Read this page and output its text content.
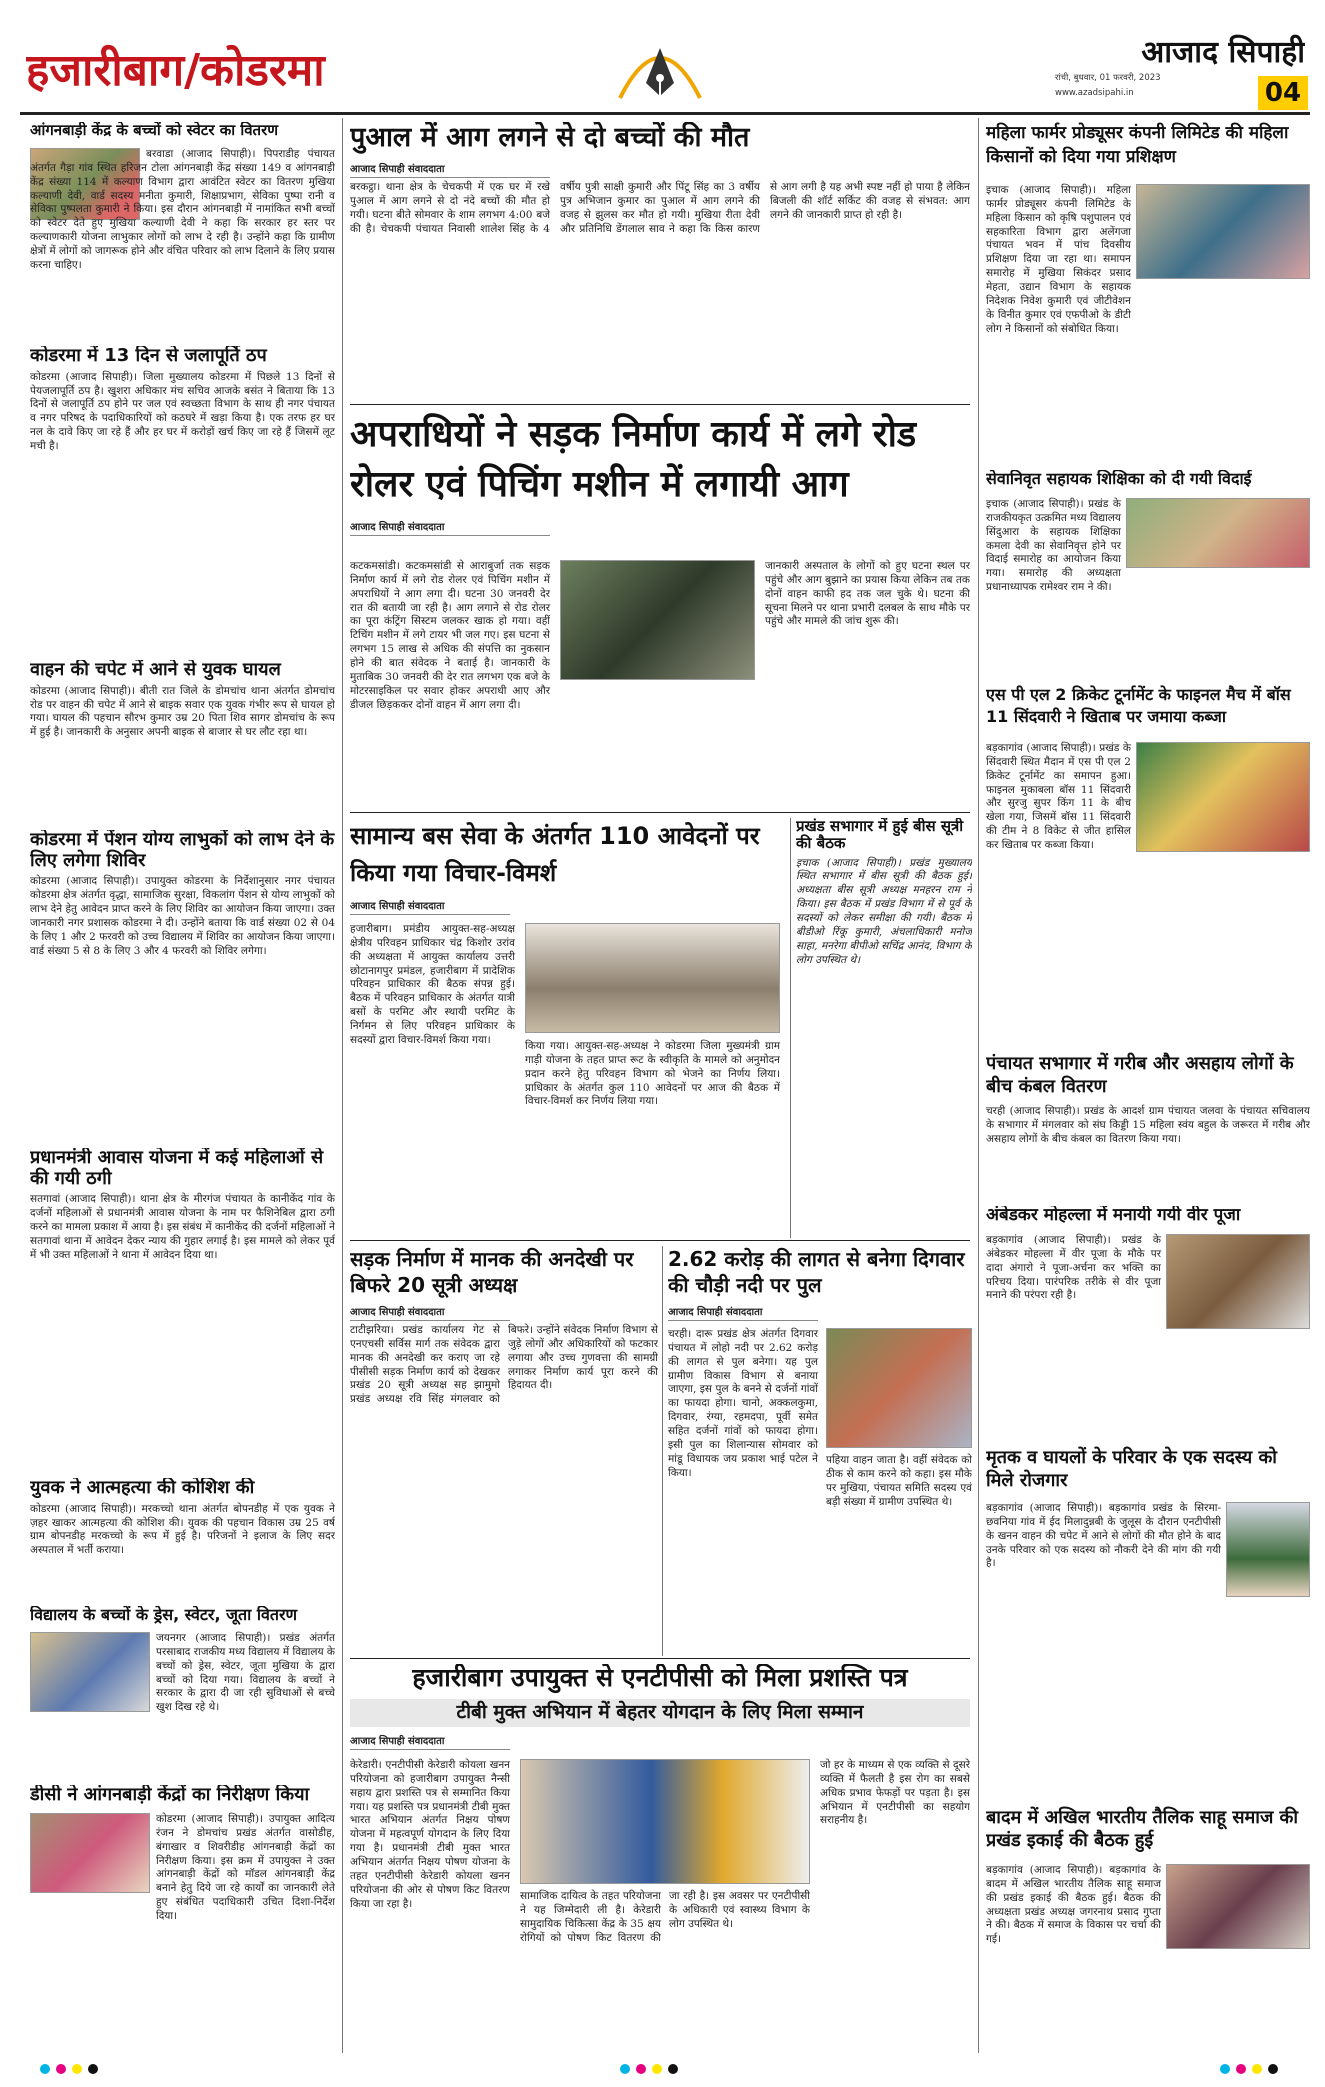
हजारीबाग/कोडरमा	आजाद सिपाही
रांची, बुधवार, 01 फरवरी, 2023
www.azadsipahi.in	04
आंगनबाड़ी केंद्र के बच्चों को स्वेटर का वितरण
बरवाडा (आजाद सिपाही)। पिपराडीह पंचायत अंतर्गत गैड़ा गांव स्थित हरिजन टोला आंगनबाड़ी केंद्र संख्या 149 व आंगनबाड़ी केंद्र संख्या 114 में कल्याण विभाग द्वारा आवंटित स्वेटर का वितरण मुखिया कल्याणी देवी, वार्ड सदस्य मनीता कुमारी, शिक्षाप्रभाग, सेविका पुष्पा रानी व सेविका पुष्पलता कुमारी ने किया। इस दौरान आंगनबाड़ी में नामांकित सभी बच्चों को स्वेटर देते हुए मुखिया कल्याणी देवी ने कहा कि सरकार हर स्तर पर कल्याणकारी योजना लाभुकार लोगों को लाभ दे रही है। उन्होंने कहा कि ग्रामीण क्षेत्रों में लोगों को जागरूक होने और वंचित परिवार को लाभ दिलाने के लिए प्रयास करना चाहिए।
कोडरमा में 13 दिन से जलापूर्ति ठप
कोडरमा (आजाद सिपाही)। जिला मुख्यालय कोडरमा में पिछले 13 दिनों से पेयजलापूर्ति ठप है। खुशरा अधिकार मंच सचिव आजके बसंत ने बिताया कि 13 दिनों से जलापूर्ति ठप होने पर जल एवं स्वच्छता विभाग के साथ ही नगर पंचायत व नगर परिषद के पदाधिकारियों को कठघरे में खड़ा किया है। एक तरफ हर घर नल के दावे किए जा रहे हैं और हर घर में करोड़ों खर्च किए जा रहे हैं जिसमें लूट मची है।
वाहन की चपेट में आने से युवक घायल
कोडरमा (आजाद सिपाही)। बीती रात जिले के डोमचांच थाना अंतर्गत डोमचांच रोड पर वाहन की चपेट में आने से बाइक सवार एक युवक गंभीर रूप से घायल हो गया। घायल की पहचान सौरभ कुमार उम्र 20 पिता शिव सागर डोमचांच के रूप में हुई है। जानकारी के अनुसार अपनी बाइक से बाजार से घर लौट रहा था।
कोडरमा में पेंशन योग्य लाभुकों को लाभ देने के लिए लगेगा शिविर
कोडरमा (आजाद सिपाही)। उपायुक्त कोडरमा के निर्देशानुसार नगर पंचायत कोडरमा क्षेत्र अंतर्गत वृद्धा, सामाजिक सुरक्षा, विकलांग पेंशन से योग्य लाभुकों को लाभ देने हेतु आवेदन प्राप्त करने के लिए शिविर का आयोजन किया जाएगा। उक्त जानकारी नगर प्रशासक कोडरमा ने दी। उन्होंने बताया कि वार्ड संख्या 02 से 04 के लिए 1 और 2 फरवरी को उच्च विद्यालय में शिविर का आयोजन किया जाएगा। वार्ड संख्या 5 से 8 के लिए 3 और 4 फरवरी को शिविर लगेगा।
प्रधानमंत्री आवास योजना में कई महिलाओं से की गयी ठगी
सतगावां (आजाद सिपाही)। थाना क्षेत्र के मीरगंज पंचायत के कानीकेंद गांव के दर्जनों महिलाओं से प्रधानमंत्री आवास योजना के नाम पर फैशिनेबिल द्वारा ठगी करने का मामला प्रकाश में आया है। इस संबंध में कानीकेंद की दर्जनों महिलाओं ने सतगावां थाना में आवेदन देकर न्याय की गुहार लगाई है। इस मामले को लेकर पूर्व में भी उक्त महिलाओं ने थाना में आवेदन दिया था।
युवक ने आत्महत्या की कोशिश की
कोडरमा (आजाद सिपाही)। मरकच्चो थाना अंतर्गत बोपनडीह में एक युवक ने ज़हर खाकर आत्महत्या की कोशिश की। युवक की पहचान विकास उम्र 25 वर्ष ग्राम बोपनडीह मरकच्चो के रूप में हुई है। परिजनों ने इलाज के लिए सदर अस्पताल में भर्ती कराया।
विद्यालय के बच्चों के ड्रेस, स्वेटर, जूता वितरण
जयनगर (आजाद सिपाही)। प्रखंड अंतर्गत परसाबाद राजकीय मध्य विद्यालय में विद्यालय के बच्चों को ड्रेस, स्वेटर, जूता मुखिया के द्वारा बच्चों को दिया गया। विद्यालय के बच्चों ने सरकार के द्वारा दी जा रही सुविधाओं से बच्चे खुश दिख रहे थे।
डीसी ने आंगनबाड़ी केंद्रों का निरीक्षण किया
कोडरमा (आजाद सिपाही)। उपायुक्त आदित्य रंजन ने डोमचांच प्रखंड अंतर्गत वासोडीह, बंगाखार व शिवरीडीह आंगनबाड़ी केंद्रों का निरीक्षण किया। इस क्रम में उपायुक्त ने उक्त आंगनबाड़ी केंद्रों को मॉडल आंगनबाड़ी केंद्र बनाने हेतु दिये जा रहे कार्यों का जानकारी लेते हुए संबंधित पदाधिकारी उचित दिशा-निर्देश दिया।
पुआल में आग लगने से दो बच्चों की मौत
आजाद सिपाही संवाददाता
बरकट्ठा। थाना क्षेत्र के चेचकपी में एक घर में रखे पुआल में आग लगने से दो नंदे बच्चों की मौत हो गयी। घटना बीते सोमवार के शाम लगभग 4:00 बजे की है। चेचकपी पंचायत निवासी शालेश सिंह के 4 वर्षीय पुत्री साक्षी कुमारी और पिंटू सिंह का 3 वर्षीय पुत्र अभिजान कुमार का पुआल में आग लगने की वजह से झुलस कर मौत हो गयी। मुखिया रीता देवी और प्रतिनिधि डेंगलाल साव ने कहा कि किस कारण से आग लगी है यह अभी स्पष्ट नहीं हो पाया है लेकिन बिजली की शॉर्ट सर्किट की वजह से संभवत: आग लगने की जानकारी प्राप्त हो रही है।
अपराधियों ने सड़क निर्माण कार्य में लगे रोड रोलर एवं पिचिंग मशीन में लगायी आग
आजाद सिपाही संवाददाता
कटकमसांडी। कटकमसांडी से आराबुर्जा तक सड़क निर्माण कार्य में लगे रोड रोलर एवं पिचिंग मशीन में अपराधियों ने आग लगा दी। घटना 30 जनवरी देर रात की बतायी जा रही है। आग लगाने से रोड रोलर का पूरा कंट्रिंग सिस्टम जलकर खाक हो गया। वहीं टिचिंग मशीन में लगे टायर भी जल गए। इस घटना से लगभग 15 लाख से अधिक की संपत्ति का नुकसान होने की बात संवेदक ने बताई है। जानकारी के मुताबिक 30 जनवरी की देर रात लगभग एक बजे के मोटरसाइकिल पर सवार होकर अपराधी आए और डीजल छिड़ककर दोनों वाहन में आग लगा दी।
जानकारी अस्पताल के लोगों को हुए घटना स्थल पर पहुंचे और आग बुझाने का प्रयास किया लेकिन तब तक दोनों वाहन काफी हद तक जल चुके थे। घटना की सूचना मिलने पर थाना प्रभारी दलबल के साथ मौके पर पहुंचे और मामले की जांच शुरू की।
सामान्य बस सेवा के अंतर्गत 110 आवेदनों पर किया गया विचार-विमर्श
आजाद सिपाही संवाददाता
हजारीबाग। प्रमंडीय आयुक्त-सह-अध्यक्ष क्षेत्रीय परिवहन प्राधिकार चंद्र किशोर उरांव की अध्यक्षता में आयुक्त कार्यालय उत्तरी छोटानागपुर प्रमंडल, हजारीबाग में प्रादेशिक परिवहन प्राधिकार की बैठक संपन्न हुई। बैठक में परिवहन प्राधिकार के अंतर्गत यात्री बसों के परमिट और स्थायी परमिट के निर्गमन से लिए परिवहन प्राधिकार के सदस्यों द्वारा विचार-विमर्श किया गया।
किया गया। आयुक्त-सह-अध्यक्ष ने कोडरमा जिला मुख्यमंत्री ग्राम गाड़ी योजना के तहत प्राप्त रूट के स्वीकृति के मामले को अनुमोदन प्रदान करने हेतु परिवहन विभाग को भेजने का निर्णय लिया। प्राधिकार के अंतर्गत कुल 110 आवेदनों पर आज की बैठक में विचार-विमर्श कर निर्णय लिया गया।
प्रखंड सभागार में हुई बीस सूत्री की बैठक
इचाक (आजाद सिपाही)। प्रखंड मुख्यालय स्थित सभागार में बीस सूत्री की बैठक हुई। अध्यक्षता बीस सूत्री अध्यक्ष मनहरन राम ने किया। इस बैठक में प्रखंड विभाग में से पूर्व के सदस्यों को लेकर समीक्षा की गयी। बैठक में बीडीओ रिंकू कुमारी, अंचलाधिकारी मनोज साहा, मनरेगा बीपीओ सचिंद्र आनंद, विभाग के लोग उपस्थित थे।
सड़क निर्माण में मानक की अनदेखी पर बिफरे 20 सूत्री अध्यक्ष
आजाद सिपाही संवाददाता
टाटीझरिया। प्रखंड कार्यालय गेट से एनएचसी सर्विस मार्ग तक संवेदक द्वारा मानक की अनदेखी कर कराए जा रहे पीसीसी सड़क निर्माण कार्य को देखकर प्रखंड 20 सूत्री अध्यक्ष सह झामुमो प्रखंड अध्यक्ष रवि सिंह मंगलवार को बिफरे। उन्होंने संवेदक निर्माण विभाग से जुड़े लोगों और अधिकारियों को फटकार लगाया और उच्च गुणवत्ता की सामग्री लगाकर निर्माण कार्य पूरा करने की हिदायत दी।
2.62 करोड़ की लागत से बनेगा दिगवार की चौड़ी नदी पर पुल
आजाद सिपाही संवाददाता
चरही। दारू प्रखंड क्षेत्र अंतर्गत दिगवार पंचायत में लोहो नदी पर 2.62 करोड़ की लागत से पुल बनेगा। यह पुल ग्रामीण विकास विभाग से बनाया जाएगा, इस पुल के बनने से दर्जनों गांवों का फायदा होगा। चानो, अक्कलकुमा, दिगवार, रंग्या, रहमदपा, पूर्वी समेत सहित दर्जनों गांवों को फायदा होगा। इसी पुल का शिलान्यास सोमवार को मांडू विधायक जय प्रकाश भाई पटेल ने किया।
पहिया वाहन जाता है। वहीं संवेदक को ठीक से काम करने को कहा। इस मौके पर मुखिया, पंचायत समिति सदस्य एवं बड़ी संख्या में ग्रामीण उपस्थित थे।
हजारीबाग उपायुक्त से एनटीपीसी को मिला प्रशस्ति पत्र
टीबी मुक्त अभियान में बेहतर योगदान के लिए मिला सम्मान
आजाद सिपाही संवाददाता
केरेडारी। एनटीपीसी केरेडारी कोयला खनन परियोजना को हजारीबाग उपायुक्त नैन्सी सहाय द्वारा प्रशस्ति पत्र से सम्मानित किया गया। यह प्रशस्ति पत्र प्रधानमंत्री टीबी मुक्त भारत अभियान अंतर्गत निक्षय पोषण योजना में महत्वपूर्ण योगदान के लिए दिया गया है। प्रधानमंत्री टीबी मुक्त भारत अभियान अंतर्गत निक्षय पोषण योजना के तहत एनटीपीसी केरेडारी कोयला खनन परियोजना की ओर से पोषण किट वितरण किया जा रहा है।
सामाजिक दायित्व के तहत परियोजना ने यह जिम्मेदारी ली है। केरेडारी सामुदायिक चिकित्सा केंद्र के 35 क्षय रोगियों को पोषण किट वितरण की जा रही है। इस अवसर पर एनटीपीसी के अधिकारी एवं स्वास्थ्य विभाग के लोग उपस्थित थे।
जो हर के माध्यम से एक व्यक्ति से दूसरे व्यक्ति में फैलती है इस रोग का सबसे अधिक प्रभाव फेफड़ों पर पड़ता है। इस अभियान में एनटीपीसी का सहयोग सराहनीय है।
महिला फार्मर प्रोड्यूसर कंपनी लिमिटेड की महिला किसानों को दिया गया प्रशिक्षण
इचाक (आजाद सिपाही)। महिला फार्मर प्रोड्यूसर कंपनी लिमिटेड के महिला किसान को कृषि पशुपालन एवं सहकारिता विभाग द्वारा अलेंगजा पंचायत भवन में पांच दिवसीय प्रशिक्षण दिया जा रहा था। समापन समारोह में मुखिया सिकंदर प्रसाद मेहता, उद्यान विभाग के सहायक निदेशक निवेश कुमारी एवं जीटीवेशन के विनीत कुमार एवं एफपीओ के डीटी लोग ने किसानों को संबोधित किया।
सेवानिवृत सहायक शिक्षिका को दी गयी विदाई
इचाक (आजाद सिपाही)। प्रखंड के राजकीयकृत उत्क्रमित मध्य विद्यालय सिंदुआरा के सहायक शिक्षिका कमला देवी का सेवानिवृत्त होने पर विदाई समारोह का आयोजन किया गया। समारोह की अध्यक्षता प्रधानाध्यापक रामेश्वर राम ने की।
एस पी एल 2 क्रिकेट टूर्नामेंट के फाइनल मैच में बॉस 11 सिंदवारी ने खिताब पर जमाया कब्जा
बड़कागांव (आजाद सिपाही)। प्रखंड के सिंदवारी स्थित मैदान में एस पी एल 2 क्रिकेट टूर्नामेंट का समापन हुआ। फाइनल मुकाबला बॉस 11 सिंदवारी और सुरजु सुपर किंग 11 के बीच खेला गया, जिसमें बॉस 11 सिंदवारी की टीम ने 8 विकेट से जीत हासिल कर खिताब पर कब्जा किया।
पंचायत सभागार में गरीब और असहाय लोगों के बीच कंबल वितरण
चरही (आजाद सिपाही)। प्रखंड के आदर्श ग्राम पंचायत जलवा के पंचायत सचिवालय के सभागार में मंगलवार को संघ किड्डी 15 महिला स्वंय बहुल के जरूरत में गरीब और असहाय लोगों के बीच कंबल का वितरण किया गया।
अंबेडकर मोहल्ला में मनायी गयी वीर पूजा
बड़कागांव (आजाद सिपाही)। प्रखंड के अंबेडकर मोहल्ला में वीर पूजा के मौके पर दादा अंगारो ने पूजा-अर्चना कर भक्ति का परिचय दिया। पारंपरिक तरीके से वीर पूजा मनाने की परंपरा रही है।
मृतक व घायलों के परिवार के एक सदस्य को मिले रोजगार
बड़कागांव (आजाद सिपाही)। बड़कागांव प्रखंड के सिरमा-छवनिया गांव में ईद मिलादुन्नबी के जुलूस के दौरान एनटीपीसी के खनन वाहन की चपेट में आने से लोगों की मौत होने के बाद उनके परिवार को एक सदस्य को नौकरी देने की मांग की गयी है।
बादम में अखिल भारतीय तैलिक साहू समाज की प्रखंड इकाई की बैठक हुई
बड़कागांव (आजाद सिपाही)। बड़कागांव के बादम में अखिल भारतीय तैलिक साहू समाज की प्रखंड इकाई की बैठक हुई। बैठक की अध्यक्षता प्रखंड अध्यक्ष जगरनाथ प्रसाद गुप्ता ने की। बैठक में समाज के विकास पर चर्चा की गई।
